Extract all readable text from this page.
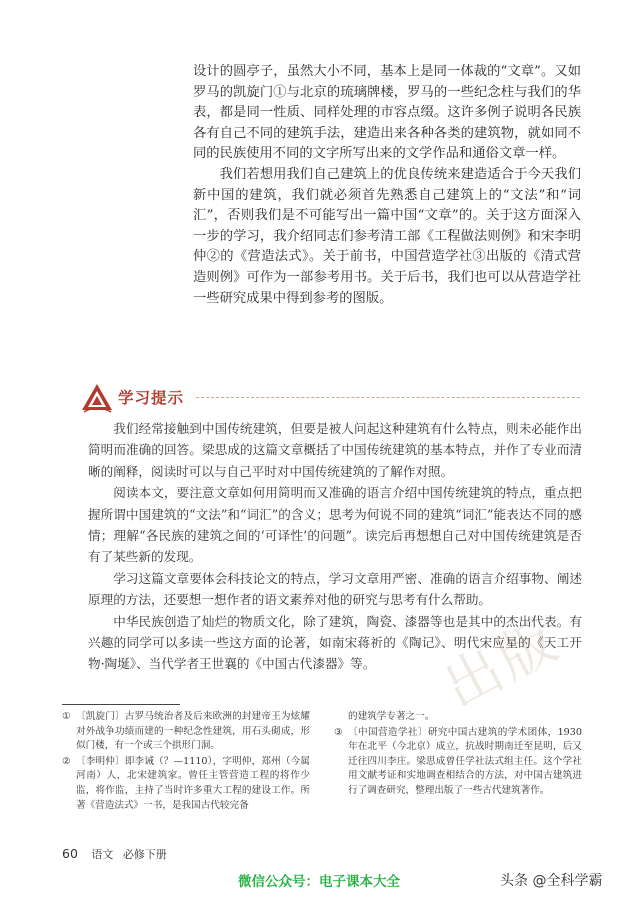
出版

设计的圆亭子，虽然大小不同，基本上是同一体裁的“文章”。又如罗马的凯旋门①与北京的琉璃牌楼，罗马的一些纪念柱与我们的华表，都是同一性质、同样处理的市容点缀。这许多例子说明各民族各有自己不同的建筑手法，建造出来各种各类的建筑物，就如同不同的民族使用不同的文字所写出来的文学作品和通俗文章一样。

我们若想用我们自己建筑上的优良传统来建造适合于今天我们新中国的建筑，我们就必须首先熟悉自己建筑上的“文法”和“词汇”，否则我们是不可能写出一篇中国“文章”的。关于这方面深入一步的学习，我介绍同志们参考清工部《工程做法则例》和宋李明仲②的《营造法式》。关于前书，中国营造学社③出版的《清式营造则例》可作为一部参考用书。关于后书，我们也可以从营造学社一些研究成果中得到参考的图版。

学习提示

我们经常接触到中国传统建筑，但要是被人问起这种建筑有什么特点，则未必能作出简明而准确的回答。梁思成的这篇文章概括了中国传统建筑的基本特点，并作了专业而清晰的阐释，阅读时可以与自己平时对中国传统建筑的了解作对照。

阅读本文，要注意文章如何用简明而又准确的语言介绍中国传统建筑的特点，重点把握所谓中国建筑的“文法”和“词汇”的含义；思考为何说不同的建筑“词汇”能表达不同的感情；理解“各民族的建筑之间的‘可译性’的问题”。读完后再想想自己对中国传统建筑是否有了某些新的发现。

学习这篇文章要体会科技论文的特点，学习文章用严密、准确的语言介绍事物、阐述原理的方法，还要想一想作者的语文素养对他的研究与思考有什么帮助。

中华民族创造了灿烂的物质文化，除了建筑，陶瓷、漆器等也是其中的杰出代表。有兴趣的同学可以多读一些这方面的论著，如南宋蒋祈的《陶记》、明代宋应星的《天工开物·陶埏》、当代学者王世襄的《中国古代漆器》等。

① 〔凯旋门〕古罗马统治者及后来欧洲的封建帝王为炫耀对外战争功绩而建的一种纪念性建筑，用石头砌成，形似门楼，有一个或三个拱形门洞。

② 〔李明仲〕即李诫（？—1110），字明仲，郑州（今属河南）人，北宋建筑家。曾任主管营造工程的将作少监，将作监，主持了当时许多重大工程的建设工作。所著《营造法式》一书，是我国古代较完备

的建筑学专著之一。

③ 〔中国营造学社〕研究中国古建筑的学术团体，1930年在北平（今北京）成立，抗战时期南迁至昆明，后又迁往四川李庄。梁思成曾任学社法式组主任。这个学社用文献考证和实地调查相结合的方法，对中国古建筑进行了调查研究，整理出版了一些古代建筑著作。

60 语文 必修下册
微信公众号：电子课本大全	头条 @全科学霸
